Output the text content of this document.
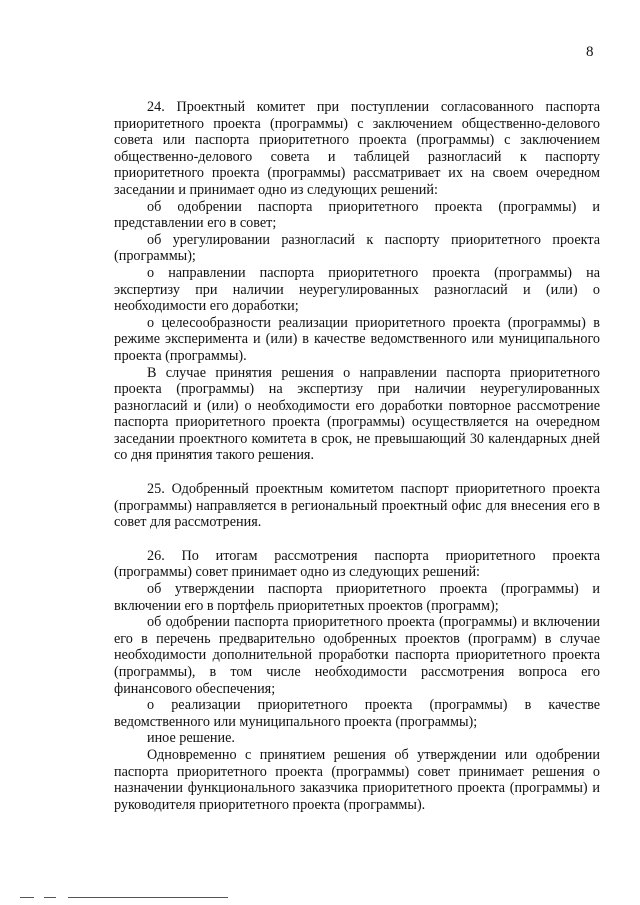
8

24. Проектный комитет при поступлении согласованного паспорта приоритетного проекта (программы) с заключением общественно-делового совета или паспорта приоритетного проекта (программы) с заключением общественно-делового совета и таблицей разногласий к паспорту приоритетного проекта (программы) рассматривает их на своем очередном заседании и принимает одно из следующих решений:

об одобрении паспорта приоритетного проекта (программы) и представлении его в совет;

об урегулировании разногласий к паспорту приоритетного проекта (программы);

о направлении паспорта приоритетного проекта (программы) на экспертизу при наличии неурегулированных разногласий и (или) о необходимости его доработки;

о целесообразности реализации приоритетного проекта (программы) в режиме эксперимента и (или) в качестве ведомственного или муниципального проекта (программы).

В случае принятия решения о направлении паспорта приоритетного проекта (программы) на экспертизу при наличии неурегулированных разногласий и (или) о необходимости его доработки повторное рассмотрение паспорта приоритетного проекта (программы) осуществляется на очередном заседании проектного комитета в срок, не превышающий 30 календарных дней со дня принятия такого решения.

25. Одобренный проектным комитетом паспорт приоритетного проекта (программы) направляется в региональный проектный офис для внесения его в совет для рассмотрения.

26. По итогам рассмотрения паспорта приоритетного проекта (программы) совет принимает одно из следующих решений:

об утверждении паспорта приоритетного проекта (программы) и включении его в портфель приоритетных проектов (программ);

об одобрении паспорта приоритетного проекта (программы) и включении его в перечень предварительно одобренных проектов (программ) в случае необходимости дополнительной проработки паспорта приоритетного проекта (программы), в том числе необходимости рассмотрения вопроса его финансового обеспечения;

о реализации приоритетного проекта (программы) в качестве ведомственного или муниципального проекта (программы);

иное решение.

Одновременно с принятием решения об утверждении или одобрении паспорта приоритетного проекта (программы) совет принимает решения о назначении функционального заказчика приоритетного проекта (программы) и руководителя приоритетного проекта (программы).
